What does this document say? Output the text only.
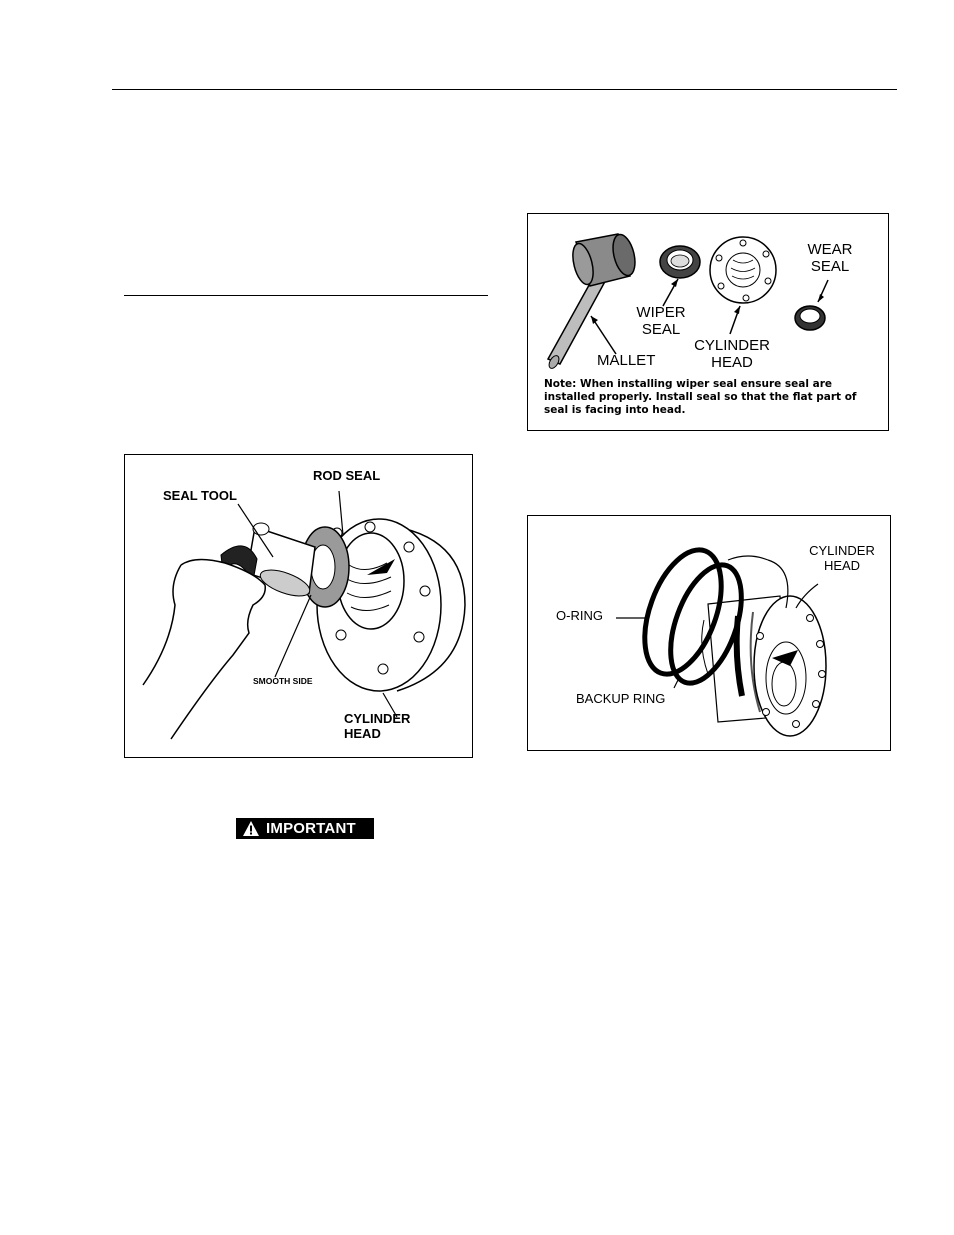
MALLET
WIPER
SEAL
CYLINDER
HEAD
WEAR
SEAL
Note: When installing wiper seal ensure seal are installed properly. Install seal so that the flat part of seal is facing into head.
SEAL TOOL
ROD SEAL
SMOOTH SIDE
CYLINDER
HEAD
O-RING
BACKUP RING
CYLINDER
HEAD
IMPORTANT
